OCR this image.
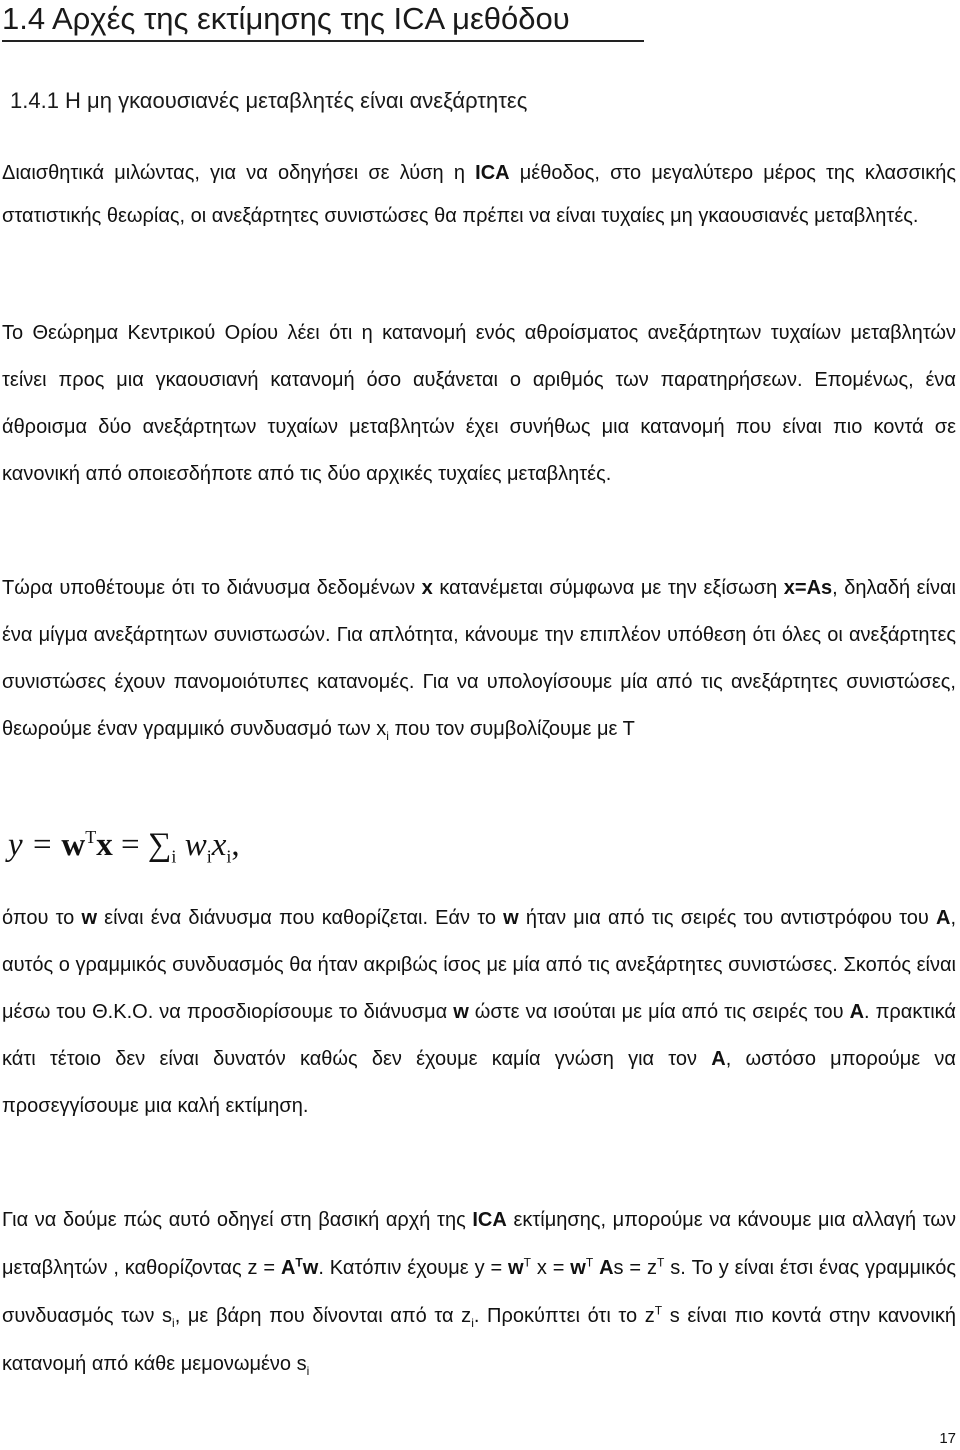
1.4 Αρχές της εκτίμησης της ICA μεθόδου
1.4.1 Η μη γκαουσιανές μεταβλητές είναι ανεξάρτητες

Διαισθητικά μιλώντας, για να οδηγήσει σε λύση η ICA μέθοδος, στο μεγαλύτερο μέρος της κλασσικής στατιστικής θεωρίας, οι ανεξάρτητες συνιστώσες θα πρέπει να είναι τυχαίες μη γκαουσιανές μεταβλητές.

Το Θεώρημα Κεντρικού Ορίου λέει ότι η κατανομή ενός αθροίσματος ανεξάρτητων τυχαίων μεταβλητών τείνει προς μια γκαουσιανή κατανομή όσο αυξάνεται ο αριθμός των παρατηρήσεων. Επομένως, ένα άθροισμα δύο ανεξάρτητων τυχαίων μεταβλητών έχει συνήθως μια κατανομή που είναι πιο κοντά σε κανονική από οποιεσδήποτε από τις δύο αρχικές τυχαίες μεταβλητές.

Τώρα υποθέτουμε ότι το διάνυσμα δεδομένων x κατανέμεται σύμφωνα με την εξίσωση x=As, δηλαδή είναι ένα μίγμα ανεξάρτητων συνιστωσών. Για απλότητα, κάνουμε την επιπλέον υπόθεση ότι όλες οι ανεξάρτητες συνιστώσες έχουν πανομοιότυπες κατανομές. Για να υπολογίσουμε μία από τις ανεξάρτητες συνιστώσες, θεωρούμε έναν γραμμικό συνδυασμό των $x_i$ που τον συμβολίζουμε με Τ

$y = w^Tx = \sum_i$ $w_ix_i$,

όπου το w είναι ένα διάνυσμα που καθορίζεται. Εάν το w ήταν μια από τις σειρές του αντιστρόφου του A, αυτός ο γραμμικός συνδυασμός θα ήταν ακριβώς ίσος με μία από τις ανεξάρτητες συνιστώσες. Σκοπός είναι μέσω του Θ.Κ.Ο. να προσδιορίσουμε το διάνυσμα w ώστε να ισούται με μία από τις σειρές του A. πρακτικά κάτι τέτοιο δεν είναι δυνατόν καθώς δεν έχουμε καμία γνώση για τον A, ωστόσο μπορούμε να προσεγγίσουμε μια καλή εκτίμηση.

Για να δούμε πώς αυτό οδηγεί στη βασική αρχή της ICA εκτίμησης, μπορούμε να κάνουμε μια αλλαγή των μεταβλητών , καθορίζοντας $z = A^Tw$. Κατόπιν έχουμε $y = w^T$ $x = w^T$ $As = z^T$ s. Το y είναι έτσι ένας γραμμικός συνδυασμός των $s_i$, με βάρη που δίνονται από τα $z_i$. Προκύπτει ότι το $z^T$ s είναι πιο κοντά στην κανονική κατανομή από κάθε μεμονωμένο $s_i$

17
